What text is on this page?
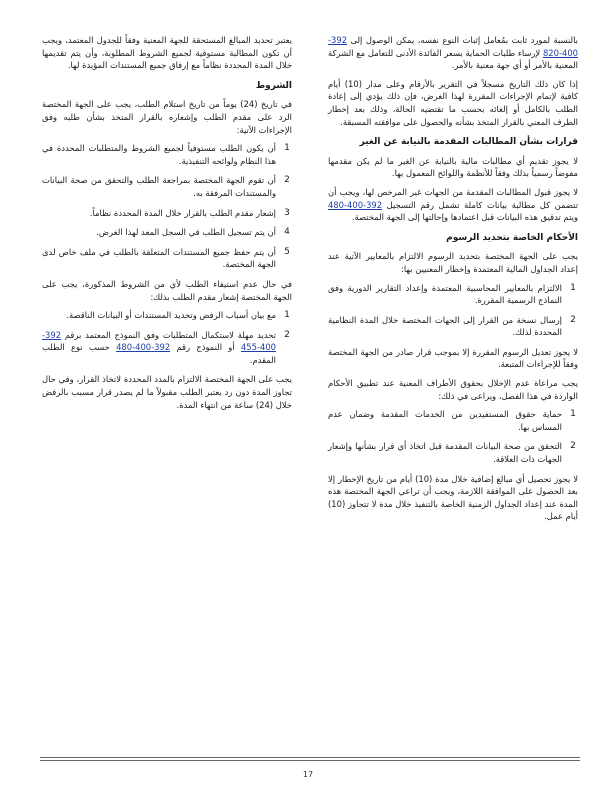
بالنسبة لمورد ثابت بمُعامل إثبات النوع نفسه، يمكن الوصول إلى 392-400-820 لإرساء طلبات الحماية بسعر الفائدة الأدنى للتعامل مع الشركة المعنية بالأمر أو أي جهة معنية بالأمر.

إذا كان ذلك التاريخ مسجلاً في التقرير بالأرقام وعلى مدار (10) أيام كافية لإتمام الإجراءات المقررة لهذا الغرض، فإن ذلك يؤدي إلى إعادة الطلب بالكامل أو إلغائه بحسب ما تقتضيه الحالة، وذلك بعد إخطار الطرف المعني بالقرار المتخذ بشأنه والحصول على موافقته المسبقة.

قرارات بشأن المطالبات المقدمة بالنيابة عن الغير

لا يجوز تقديم أي مطالبات مالية بالنيابة عن الغير ما لم يكن مقدمها مفوضاً رسمياً بذلك وفقاً للأنظمة واللوائح المعمول بها.

لا يجوز قبول المطالبات المقدمة من الجهات غير المرخص لها، ويجب أن تتضمن كل مطالبة بيانات كاملة تشمل رقم التسجيل 392-400-480 ويتم تدقيق هذه البيانات قبل اعتمادها وإحالتها إلى الجهة المختصة.

الأحكام الخاصة بتحديد الرسوم

يجب على الجهة المختصة بتحديد الرسوم الالتزام بالمعايير الآتية عند إعداد الجداول المالية المعتمدة وإخطار المعنيين بها:

1
الالتزام بالمعايير المحاسبية المعتمدة وإعداد التقارير الدورية وفق النماذج الرسمية المقررة.
2
إرسال نسخة من القرار إلى الجهات المختصة خلال المدة النظامية المحددة لذلك.

لا يجوز تعديل الرسوم المقررة إلا بموجب قرار صادر من الجهة المختصة وفقاً للإجراءات المتبعة.

يجب مراعاة عدم الإخلال بحقوق الأطراف المعنية عند تطبيق الأحكام الواردة في هذا الفصل، ويراعى في ذلك:

1
حماية حقوق المستفيدين من الخدمات المقدمة وضمان عدم المساس بها.
2
التحقق من صحة البيانات المقدمة قبل اتخاذ أي قرار بشأنها وإشعار الجهات ذات العلاقة.

لا يجوز تحصيل أي مبالغ إضافية خلال مدة (10) أيام من تاريخ الإخطار إلا بعد الحصول على الموافقة اللازمة، ويجب أن تراعي الجهة المختصة هذه المدة عند إعداد الجداول الزمنية الخاصة بالتنفيذ خلال مدة لا تتجاوز (10) أيام عمل.

يعتبر تحديد المبالغ المستحقة للجهة المعنية وفقاً للجدول المعتمد، ويجب أن تكون المطالبة مستوفية لجميع الشروط المطلوبة، وأن يتم تقديمها خلال المدة المحددة نظاماً مع إرفاق جميع المستندات المؤيدة لها.

الشروط

في تاريخ (24) يوماً من تاريخ استلام الطلب، يجب على الجهة المختصة الرد على مقدم الطلب وإشعاره بالقرار المتخذ بشأن طلبه وفق الإجراءات الآتية:

1
أن يكون الطلب مستوفياً لجميع الشروط والمتطلبات المحددة في هذا النظام ولوائحه التنفيذية.
2
أن تقوم الجهة المختصة بمراجعة الطلب والتحقق من صحة البيانات والمستندات المرفقة به.
3
إشعار مقدم الطلب بالقرار خلال المدة المحددة نظاماً.
4
أن يتم تسجيل الطلب في السجل المعد لهذا الغرض.
5
أن يتم حفظ جميع المستندات المتعلقة بالطلب في ملف خاص لدى الجهة المختصة.

في حال عدم استيفاء الطلب لأي من الشروط المذكورة، يجب على الجهة المختصة إشعار مقدم الطلب بذلك:

1
مع بيان أسباب الرفض وتحديد المستندات أو البيانات الناقصة.
2
تحديد مهلة لاستكمال المتطلبات وفق النموذج المعتمد برقم 392-400-455 أو النموذج رقم 392-400-480 حسب نوع الطلب المقدم.

يجب على الجهة المختصة الالتزام بالمدد المحددة لاتخاذ القرار، وفي حال تجاوز المدة دون رد يعتبر الطلب مقبولاً ما لم يصدر قرار مسبب بالرفض خلال (24) ساعة من انتهاء المدة.

17
